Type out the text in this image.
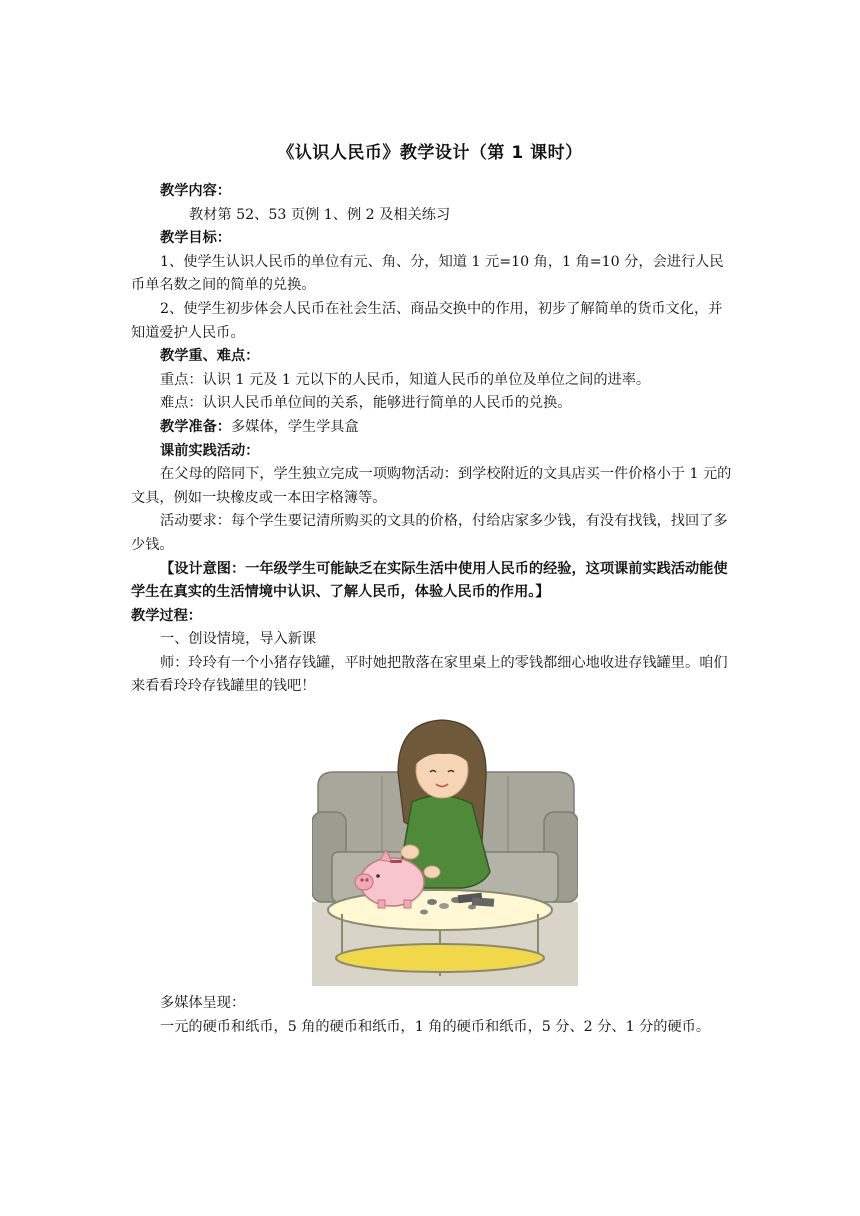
《认识人民币》教学设计（第 1 课时）

教学内容：

教材第 52、53 页例 1、例 2 及相关练习

教学目标：

1、使学生认识人民币的单位有元、角、分，知道 1 元=10 角，1 角=10 分，会进行人民币单名数之间的简单的兑换。

2、使学生初步体会人民币在社会生活、商品交换中的作用，初步了解简单的货币文化，并知道爱护人民币。

教学重、难点：

重点：认识 1 元及 1 元以下的人民币，知道人民币的单位及单位之间的进率。

难点：认识人民币单位间的关系，能够进行简单的人民币的兑换。

教学准备：多媒体，学生学具盒

课前实践活动：

在父母的陪同下，学生独立完成一项购物活动：到学校附近的文具店买一件价格小于 1 元的文具，例如一块橡皮或一本田字格簿等。

活动要求：每个学生要记清所购买的文具的价格，付给店家多少钱，有没有找钱，找回了多少钱。

【设计意图：一年级学生可能缺乏在实际生活中使用人民币的经验，这项课前实践活动能使学生在真实的生活情境中认识、了解人民币，体验人民币的作用。】

教学过程：

一、创设情境，导入新课

师：玲玲有一个小猪存钱罐，平时她把散落在家里桌上的零钱都细心地收进存钱罐里。咱们来看看玲玲存钱罐里的钱吧！

多媒体呈现：

一元的硬币和纸币，5 角的硬币和纸币，1 角的硬币和纸币，5 分、2 分、1 分的硬币。
